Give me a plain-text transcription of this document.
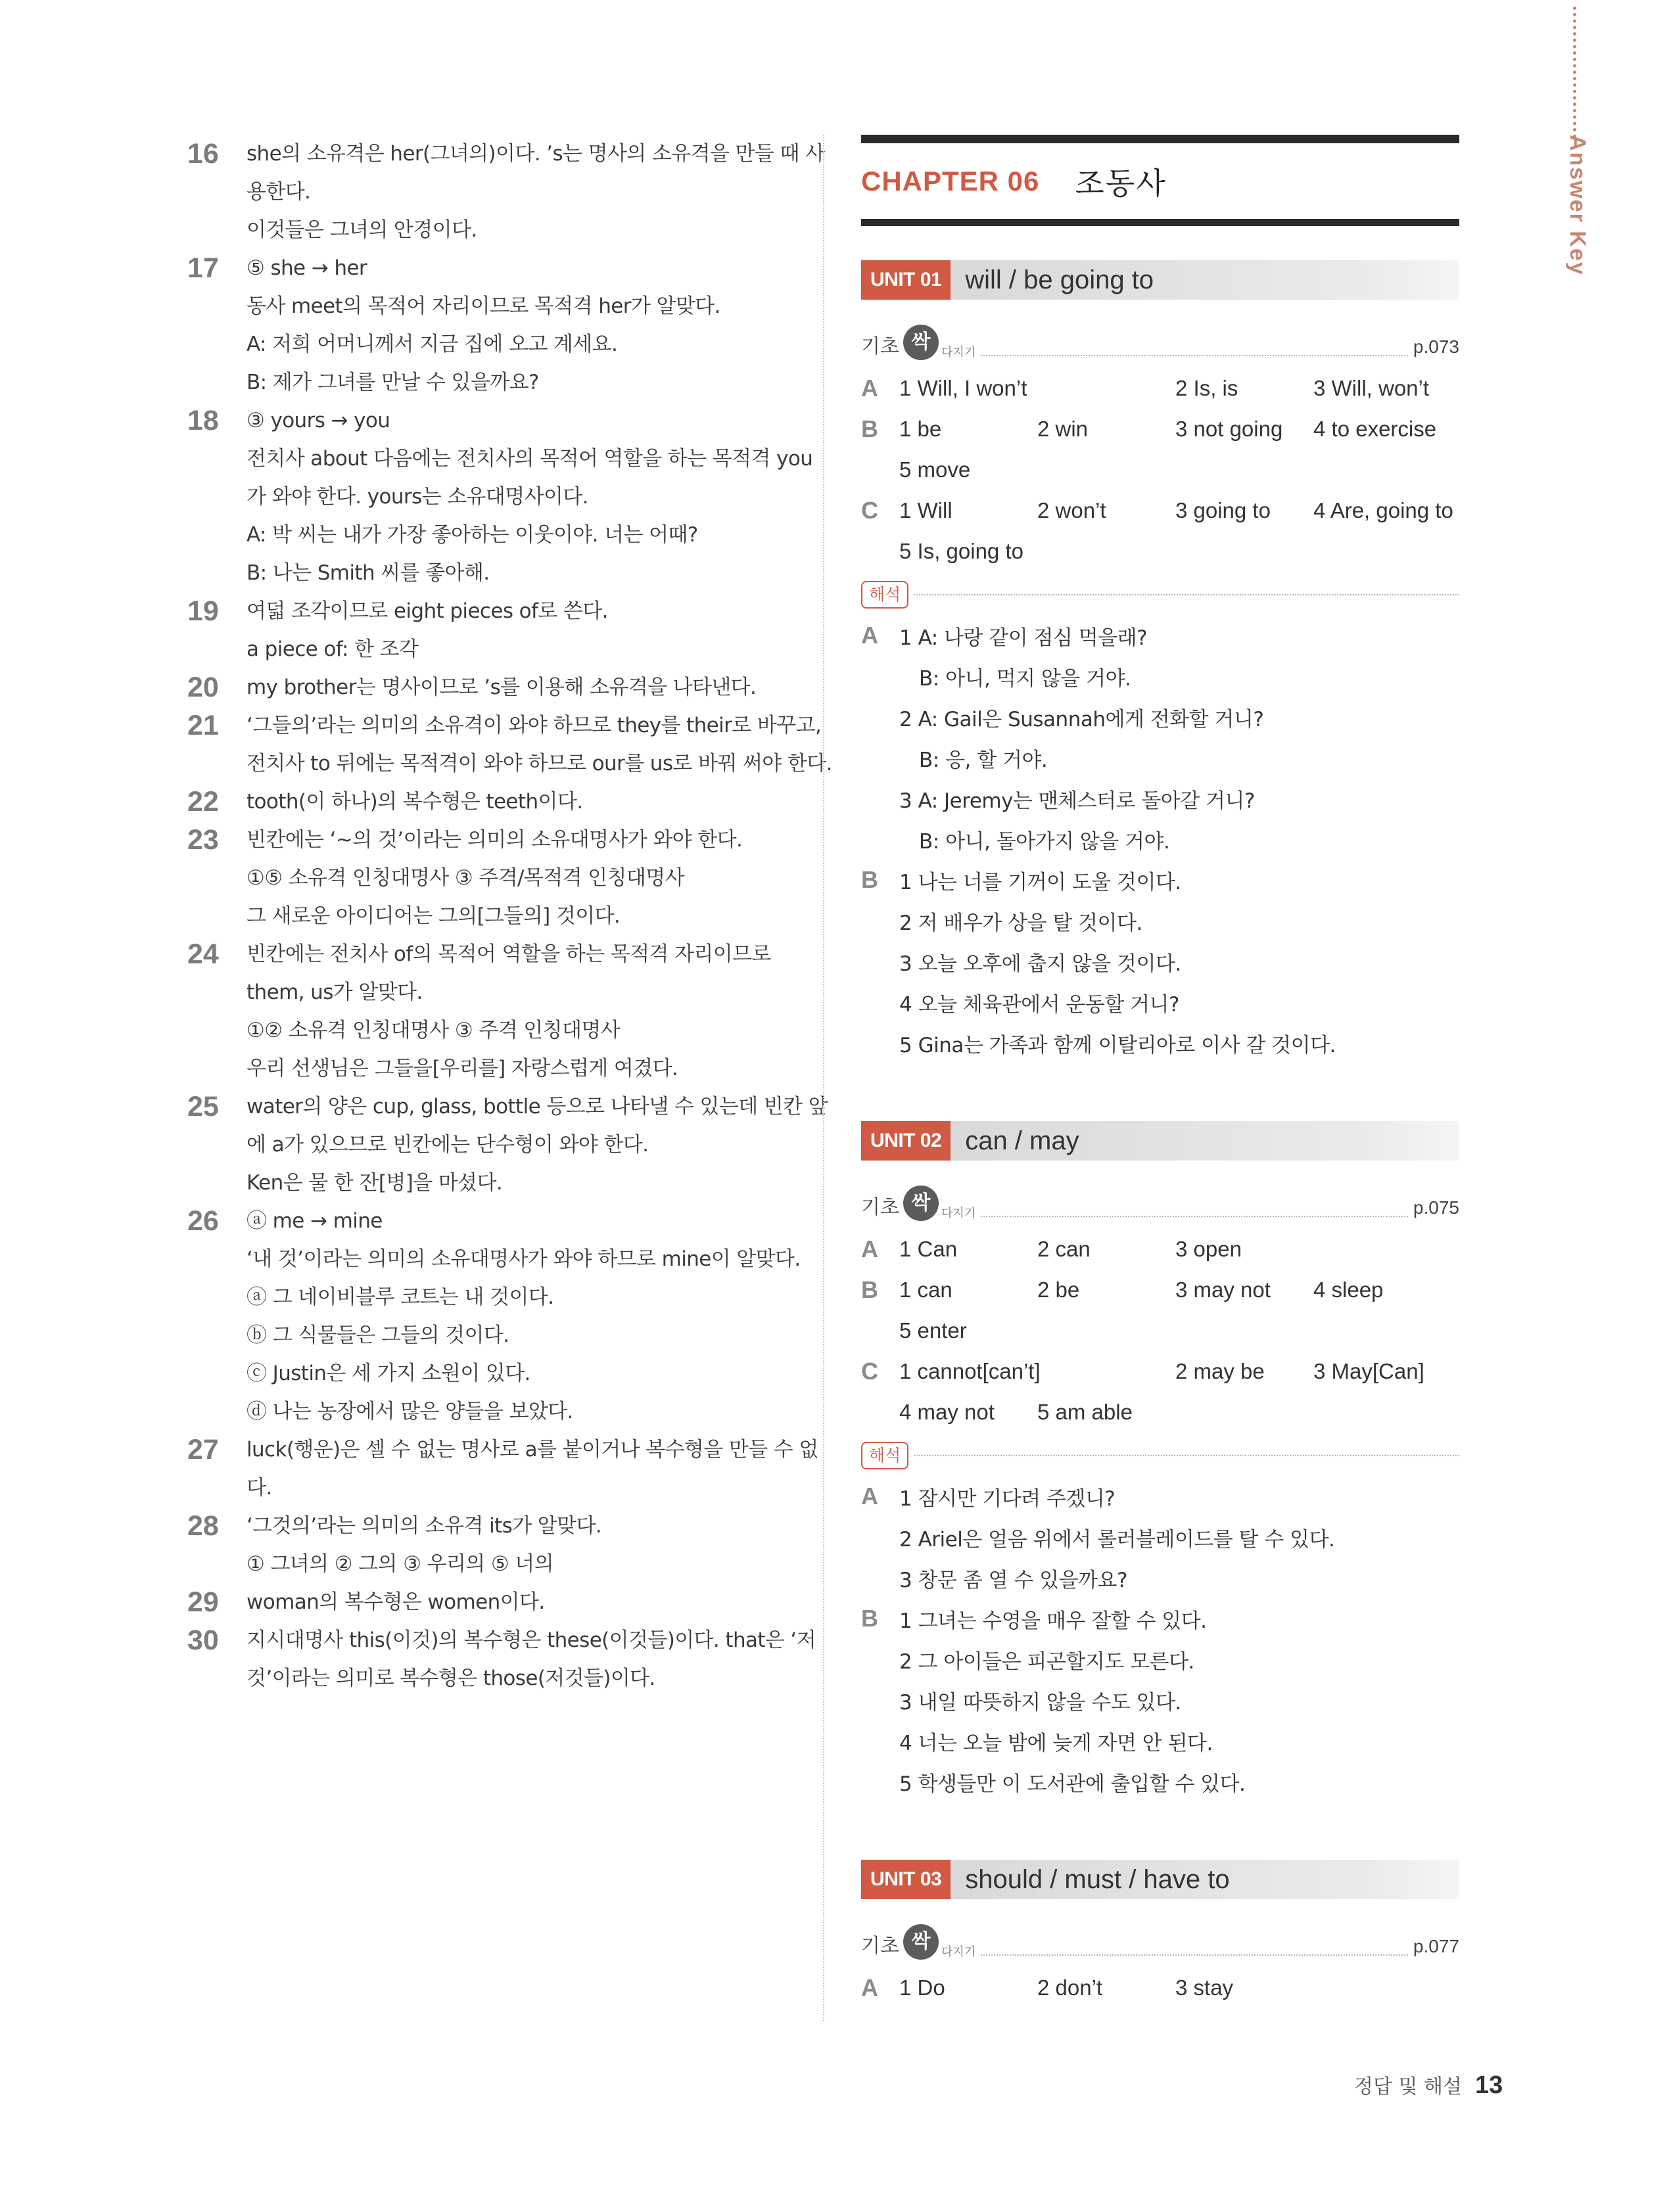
Answer Key
16	she의 소유격은 her(그녀의)이다. ’s는 명사의 소유격을 만들 때 사
용한다.
이것들은 그녀의 안경이다.
17	⑤ she → her
동사 meet의 목적어 자리이므로 목적격 her가 알맞다.
A: 저희 어머니께서 지금 집에 오고 계세요.
B: 제가 그녀를 만날 수 있을까요?
18	③ yours → you
전치사 about 다음에는 전치사의 목적어 역할을 하는 목적격 you
가 와야 한다. yours는 소유대명사이다.
A: 박 씨는 내가 가장 좋아하는 이웃이야. 너는 어때?
B: 나는 Smith 씨를 좋아해.
19	여덟 조각이므로 eight pieces of로 쓴다.
a piece of: 한 조각
20	my brother는 명사이므로 ’s를 이용해 소유격을 나타낸다.
21	‘그들의’라는 의미의 소유격이 와야 하므로 they를 their로 바꾸고,
전치사 to 뒤에는 목적격이 와야 하므로 our를 us로 바꿔 써야 한다.
22	tooth(이 하나)의 복수형은 teeth이다.
23	빈칸에는 ‘~의 것’이라는 의미의 소유대명사가 와야 한다.
①⑤ 소유격 인칭대명사 ③ 주격/목적격 인칭대명사
그 새로운 아이디어는 그의[그들의] 것이다.
24	빈칸에는 전치사 of의 목적어 역할을 하는 목적격 자리이므로
them, us가 알맞다.
①② 소유격 인칭대명사 ③ 주격 인칭대명사
우리 선생님은 그들을[우리를] 자랑스럽게 여겼다.
25	water의 양은 cup, glass, bottle 등으로 나타낼 수 있는데 빈칸 앞
에 a가 있으므로 빈칸에는 단수형이 와야 한다.
Ken은 물 한 잔[병]을 마셨다.
26	ⓐ me → mine
‘내 것’이라는 의미의 소유대명사가 와야 하므로 mine이 알맞다.
ⓐ 그 네이비블루 코트는 내 것이다.
ⓑ 그 식물들은 그들의 것이다.
ⓒ Justin은 세 가지 소원이 있다.
ⓓ 나는 농장에서 많은 양들을 보았다.
27	luck(행운)은 셀 수 없는 명사로 a를 붙이거나 복수형을 만들 수 없
다.
28	‘그것의’라는 의미의 소유격 its가 알맞다.
① 그녀의 ② 그의 ③ 우리의 ⑤ 너의
29	woman의 복수형은 women이다.
30	지시대명사 this(이것)의 복수형은 these(이것들)이다. that은 ‘저
것’이라는 의미로 복수형은 those(저것들)이다.
CHAPTER 06 조동사
UNIT 01 will / be going to
기초 싹 다지기	p.073
A 1 Will, I won’t	2 Is, is	3 Will, won’t
B 1 be	2 win	3 not going	4 to exercise
5 move
C 1 Will	2 won’t	3 going to	4 Are, going to
5 Is, going to
해석
A	1 A: 나랑 같이 점심 먹을래?
B: 아니, 먹지 않을 거야.
2 A: Gail은 Susannah에게 전화할 거니?
B: 응, 할 거야.
3 A: Jeremy는 맨체스터로 돌아갈 거니?
B: 아니, 돌아가지 않을 거야.
B	1 나는 너를 기꺼이 도울 것이다.
2 저 배우가 상을 탈 것이다.
3 오늘 오후에 춥지 않을 것이다.
4 오늘 체육관에서 운동할 거니?
5 Gina는 가족과 함께 이탈리아로 이사 갈 것이다.
UNIT 02 can / may
기초 싹 다지기	p.075
A 1 Can	2 can	3 open
B 1 can	2 be	3 may not	4 sleep
5 enter
C 1 cannot[can’t]	2 may be	3 May[Can]
4 may not	5 am able
해석
A	1 잠시만 기다려 주겠니?
2 Ariel은 얼음 위에서 롤러블레이드를 탈 수 있다.
3 창문 좀 열 수 있을까요?
B	1 그녀는 수영을 매우 잘할 수 있다.
2 그 아이들은 피곤할지도 모른다.
3 내일 따뜻하지 않을 수도 있다.
4 너는 오늘 밤에 늦게 자면 안 된다.
5 학생들만 이 도서관에 출입할 수 있다.
UNIT 03 should / must / have to
기초 싹 다지기	p.077
A 1 Do	2 don’t	3 stay
정답 및 해설 13
